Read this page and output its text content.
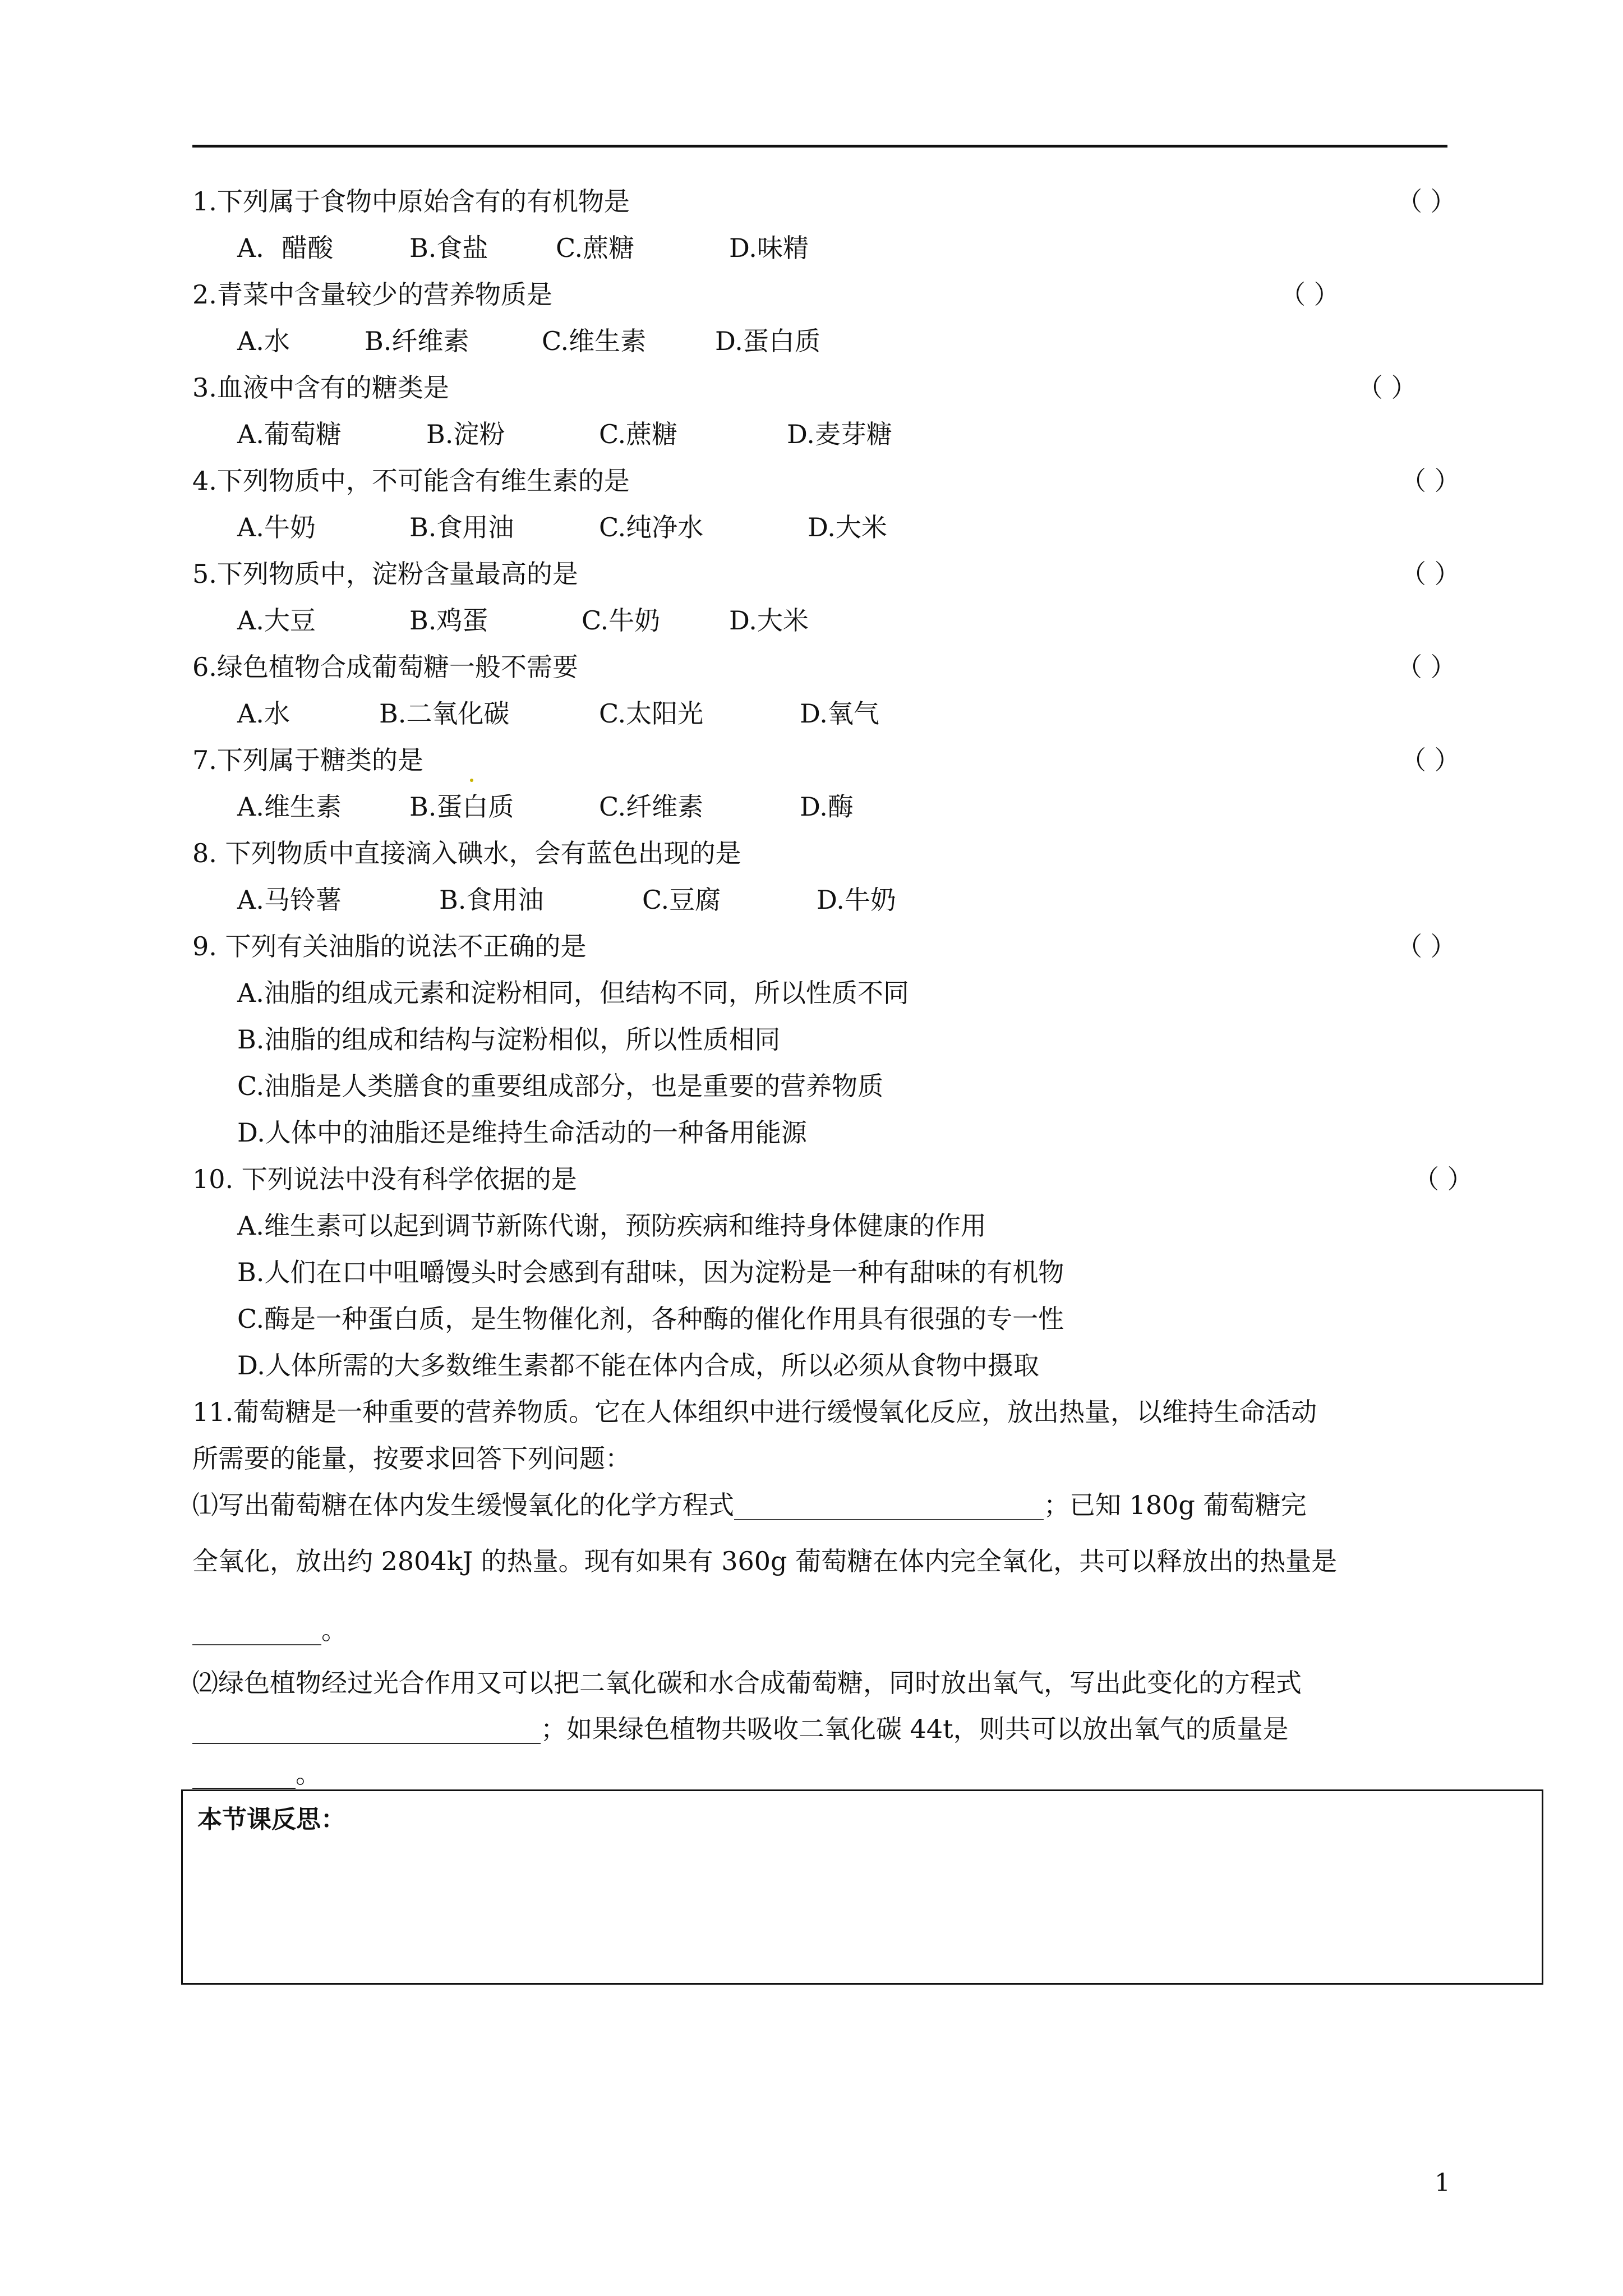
1.下列属于食物中原始含有的有机物是	（ ）
A．醋酸	B.食盐	C.蔗糖	D.味精
2.青菜中含量较少的营养物质是	（ ）
A.水	B.纤维素	C.维生素	D.蛋白质
3.血液中含有的糖类是	（ ）
A.葡萄糖	B.淀粉	C.蔗糖	D.麦芽糖
4.下列物质中，不可能含有维生素的是	（ ）
A.牛奶	B.食用油	C.纯净水	D.大米
5.下列物质中，淀粉含量最高的是	（ ）
A.大豆	B.鸡蛋	C.牛奶	D.大米
6.绿色植物合成葡萄糖一般不需要	（ ）
A.水	B.二氧化碳	C.太阳光	D.氧气
7.下列属于糖类的是	（ ）
A.维生素	B.蛋白质	C.纤维素	D.酶
8. 下列物质中直接滴入碘水，会有蓝色出现的是
A.马铃薯	B.食用油	C.豆腐	D.牛奶
9. 下列有关油脂的说法不正确的是	（ ）
A.油脂的组成元素和淀粉相同，但结构不同，所以性质不同
B.油脂的组成和结构与淀粉相似，所以性质相同
C.油脂是人类膳食的重要组成部分，也是重要的营养物质
D.人体中的油脂还是维持生命活动的一种备用能源
10. 下列说法中没有科学依据的是	（ ）
A.维生素可以起到调节新陈代谢，预防疾病和维持身体健康的作用
B.人们在口中咀嚼馒头时会感到有甜味，因为淀粉是一种有甜味的有机物
C.酶是一种蛋白质，是生物催化剂，各种酶的催化作用具有很强的专一性
D.人体所需的大多数维生素都不能在体内合成，所以必须从食物中摄取
11.葡萄糖是一种重要的营养物质。它在人体组织中进行缓慢氧化反应，放出热量，以维持生命活动
所需要的能量，按要求回答下列问题：
⑴写出葡萄糖在体内发生缓慢氧化的化学方程式________________________；已知 180g 葡萄糖完
全氧化，放出约 2804kJ 的热量。现有如果有 360g 葡萄糖在体内完全氧化，共可以释放出的热量是
__________。
⑵绿色植物经过光合作用又可以把二氧化碳和水合成葡萄糖，同时放出氧气，写出此变化的方程式
___________________________；如果绿色植物共吸收二氧化碳 44t，则共可以放出氧气的质量是
________。
本节课反思：
1
